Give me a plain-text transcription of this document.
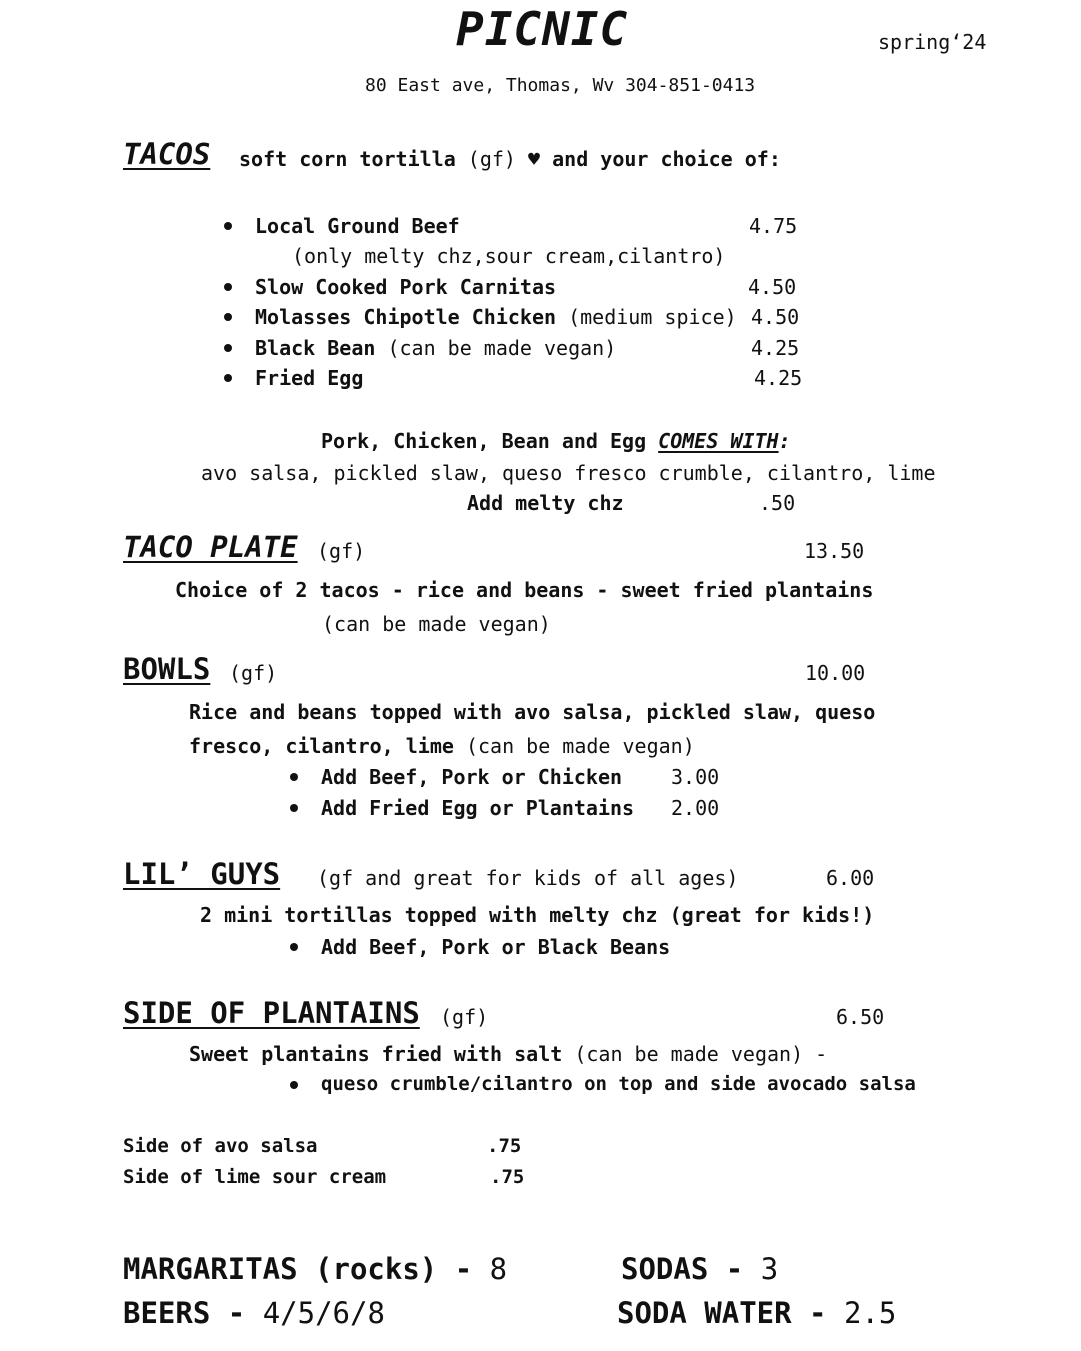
PICNIC	spring‘24
80 East ave, Thomas, Wv 304-851-0413
TACOS soft corn tortilla (gf) ♥ and your choice of:
Local Ground Beef	4.75
(only melty chz,sour cream,cilantro)
Slow Cooked Pork Carnitas	4.50
Molasses Chipotle Chicken (medium spice) 4.50
Black Bean (can be made vegan)	4.25
Fried Egg	4.25
Pork, Chicken, Bean and Egg COMES WITH:
avo salsa, pickled slaw, queso fresco crumble, cilantro, lime
Add melty chz	.50
TACO PLATE (gf)	13.50
Choice of 2 tacos - rice and beans - sweet fried plantains
(can be made vegan)
BOWLS (gf)	10.00
Rice and beans topped with avo salsa, pickled slaw, queso
fresco, cilantro, lime (can be made vegan)
Add Beef, Pork or Chicken 3.00
Add Fried Egg or Plantains 2.00
LIL’ GUYS (gf and great for kids of all ages)	6.00
2 mini tortillas topped with melty chz (great for kids!)
Add Beef, Pork or Black Beans
SIDE OF PLANTAINS (gf)	6.50
Sweet plantains fried with salt (can be made vegan) -
queso crumble/cilantro on top and side avocado salsa
Side of avo salsa	.75
Side of lime sour cream	.75
MARGARITAS (rocks) - 8	SODAS - 3
BEERS - 4/5/6/8	SODA WATER - 2.5
